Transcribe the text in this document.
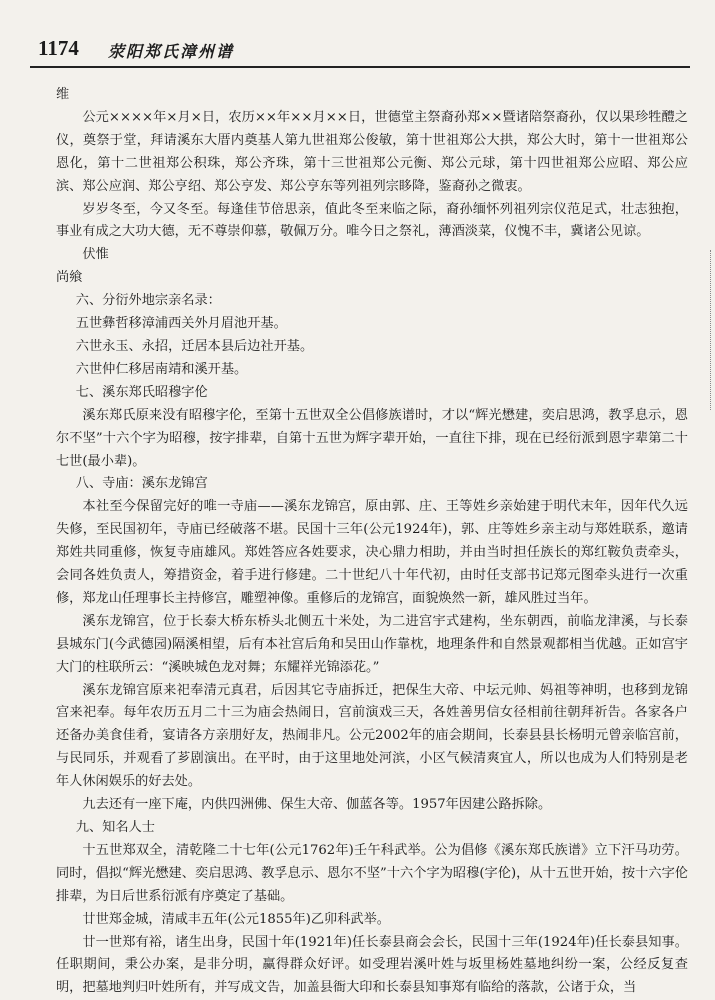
1174 荥阳郑氏漳州谱

维

公元××××年×月×日，农历××年××月××日，世德堂主祭裔孙郑××暨诸陪祭裔孙，仅以果珍牲醴之仪，奠祭于堂，拜请溪东大厝内奠基人第九世祖郑公俊敏，第十世祖郑公大拱，郑公大时，第十一世祖郑公恩化，第十二世祖郑公积珠，郑公齐珠，第十三世祖郑公元衡、郑公元球，第十四世祖郑公应昭、郑公应滨、郑公应润、郑公亨绍、郑公亨发、郑公亨东等列祖列宗眵降，鉴裔孙之微衷。

岁岁冬至，今又冬至。每逢佳节倍思亲，值此冬至来临之际，裔孙缅怀列祖列宗仪范足式，壮志独抱，事业有成之大功大德，无不尊崇仰慕，敬佩万分。唯今日之祭礼，薄酒淡菜，仪愧不丰，冀诸公见谅。

伏惟

尚飨

六、分衍外地宗亲名录：

五世彝哲移漳浦西关外月眉池开基。

六世永玉、永招，迁居本县后边社开基。

六世仲仁移居南靖和溪开基。

七、溪东郑氏昭穆字伦

溪东郑氏原来没有昭穆字伦，至第十五世双全公倡修族谱时，才以“辉光懋建，奕启思鸿，教孚息示，恩尔不坚”十六个字为昭穆，按字排辈，自第十五世为辉字辈开始，一直往下排，现在已经衍派到恩字辈第二十七世(最小辈)。

八、寺庙：溪东龙锦宫

本社至今保留完好的唯一寺庙——溪东龙锦宫，原由郭、庄、王等姓乡亲始建于明代末年，因年代久远失修，至民国初年，寺庙已经破落不堪。民国十三年(公元1924年)，郭、庄等姓乡亲主动与郑姓联系，邀请郑姓共同重修，恢复寺庙雄风。郑姓答应各姓要求，决心鼎力相助，并由当时担任族长的郑红鞍负责牵头，会同各姓负责人，筹措资金，着手进行修建。二十世纪八十年代初，由时任支部书记郑元图牵头进行一次重修，郑龙山任理事长主持修宫，雕塑神像。重修后的龙锦宫，面貌焕然一新，雄风胜过当年。

溪东龙锦宫，位于长泰大桥东桥头北侧五十米处，为二进宫宇式建构，坐东朝西，前临龙津溪，与长泰县城东门(今武德园)隔溪相望，后有本社宫后角和吴田山作靠枕，地理条件和自然景观都相当优越。正如宫宇大门的柱联所云：“溪映城色龙对舞；东耀祥光锦添花。”

溪东龙锦宫原来祀奉清元真君，后因其它寺庙拆迁，把保生大帝、中坛元帅、妈祖等神明，也移到龙锦宫来祀奉。每年农历五月二十三为庙会热闹日，宫前演戏三天，各姓善男信女径相前往朝拜祈告。各家各户还备办美食佳肴，宴请各方亲朋好友，热闹非凡。公元2002年的庙会期间，长泰县县长杨明元曾亲临宫前，与民同乐，并观看了芗剧演出。在平时，由于这里地处河滨，小区气候清爽宜人，所以也成为人们特别是老年人休闲娱乐的好去处。

九去还有一座下庵，内供四洲佛、保生大帝、伽蓝各等。1957年因建公路拆除。

九、知名人士

十五世郑双全，清乾隆二十七年(公元1762年)壬午科武举。公为倡修《溪东郑氏族谱》立下汗马功劳。同时，倡拟“辉光懋建、奕启思鸿、教孚息示、恩尔不坚”十六个字为昭穆(字伦)，从十五世开始，按十六字伦排辈，为日后世系衍派有序奠定了基础。

廿世郑金城，清咸丰五年(公元1855年)乙卯科武举。

廿一世郑有裕，诸生出身，民国十年(1921年)任长泰县商会会长，民国十三年(1924年)任长泰县知事。任职期间，秉公办案，是非分明，赢得群众好评。如受理岩溪叶姓与坂里杨姓墓地纠纷一案，公经反复查明，把墓地判归叶姓所有，并写成文告，加盖县衙大印和长泰县知事郑有临给的落款，公诸于众，当
